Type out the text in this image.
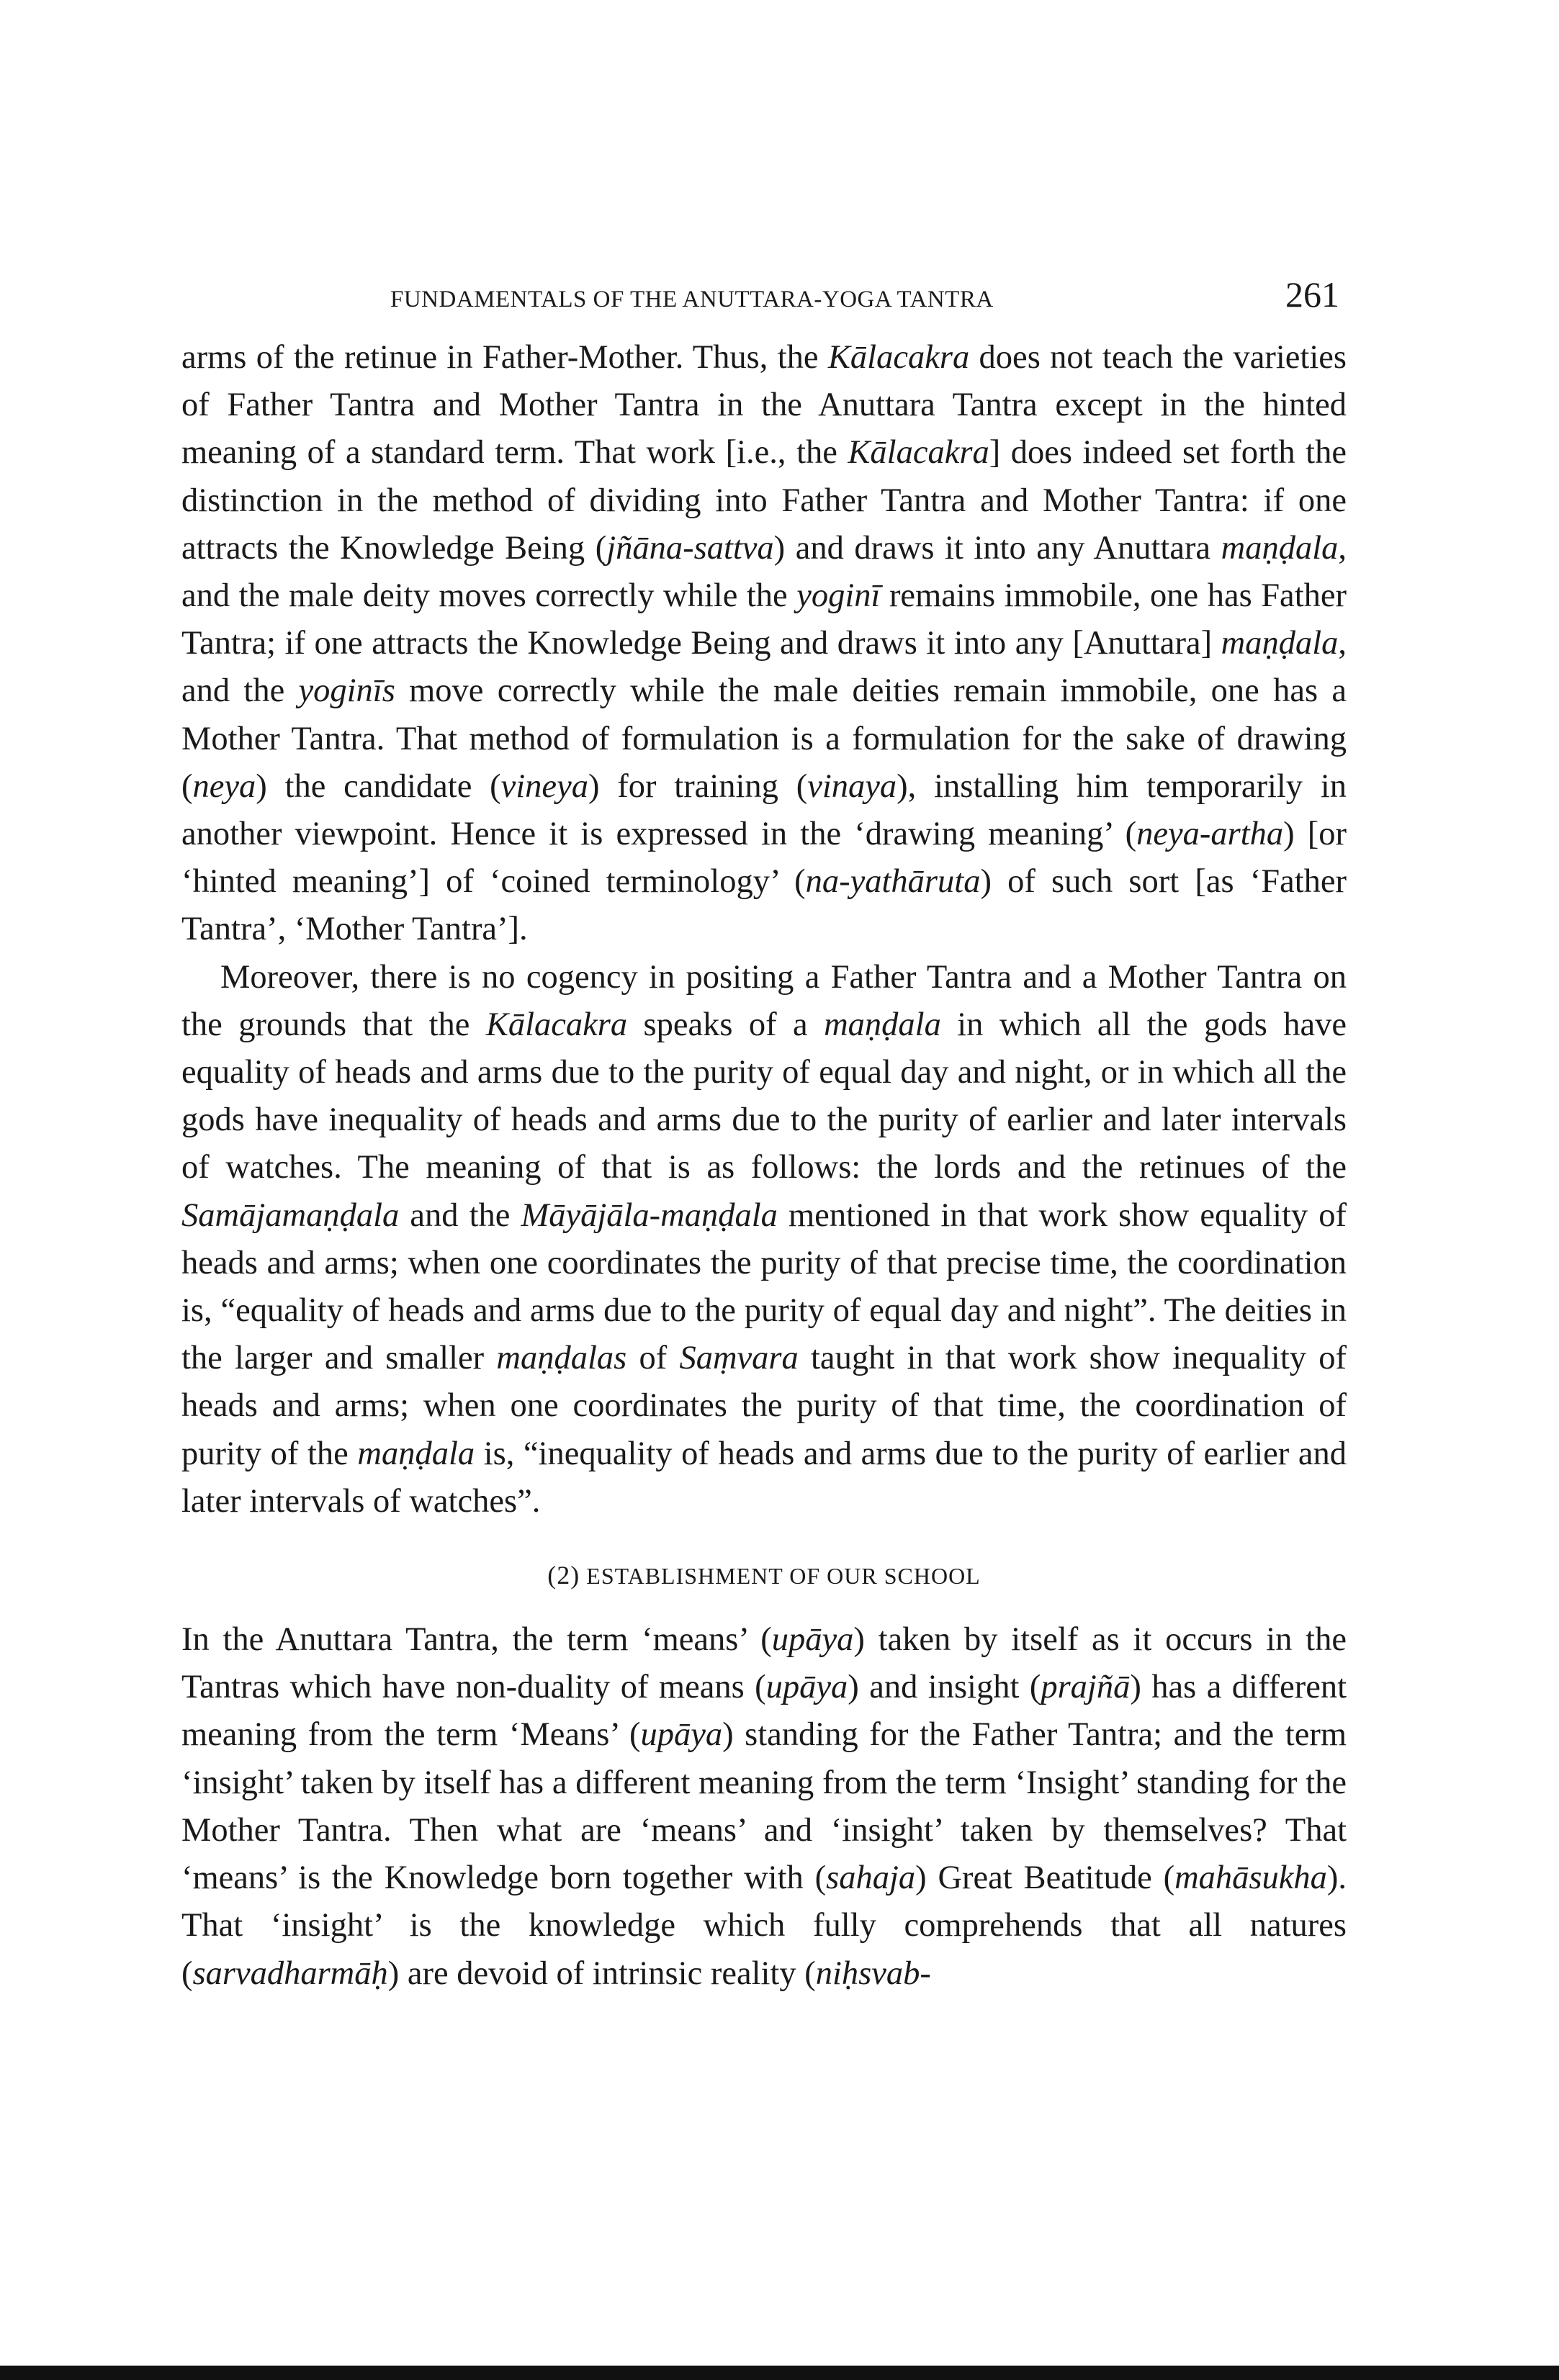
FUNDAMENTALS OF THE ANUTTARA-YOGA TANTRA	261

arms of the retinue in Father-Mother. Thus, the Kālacakra does not teach the varieties of Father Tantra and Mother Tantra in the Anuttara Tantra except in the hinted meaning of a standard term. That work [i.e., the Kālacakra] does indeed set forth the distinction in the method of dividing into Father Tantra and Mother Tantra: if one attracts the Knowledge Being (jñāna-sattva) and draws it into any Anuttara maṇḍala, and the male deity moves correctly while the yoginī remains immobile, one has Father Tantra; if one attracts the Knowledge Being and draws it into any [Anuttara] maṇḍala, and the yoginīs move correctly while the male deities remain immobile, one has a Mother Tantra. That method of formulation is a formulation for the sake of drawing (neya) the candidate (vineya) for training (vinaya), installing him temporarily in another viewpoint. Hence it is expressed in the ‘drawing meaning’ (neya-artha) [or ‘hinted meaning’] of ‘coined terminology’ (na-yathāruta) of such sort [as ‘Father Tantra’, ‘Mother Tantra’].

Moreover, there is no cogency in positing a Father Tantra and a Mother Tantra on the grounds that the Kālacakra speaks of a maṇḍala in which all the gods have equality of heads and arms due to the purity of equal day and night, or in which all the gods have inequality of heads and arms due to the purity of earlier and later intervals of watches. The meaning of that is as follows: the lords and the retinues of the Samājamaṇḍala and the Māyājāla-maṇḍala mentioned in that work show equality of heads and arms; when one coordinates the purity of that precise time, the coordination is, “equality of heads and arms due to the purity of equal day and night”. The deities in the larger and smaller maṇḍalas of Saṃvara taught in that work show inequality of heads and arms; when one coordinates the purity of that time, the coordination of purity of the maṇḍala is, “inequality of heads and arms due to the purity of earlier and later intervals of watches”.

(2) ESTABLISHMENT OF OUR SCHOOL

In the Anuttara Tantra, the term ‘means’ (upāya) taken by itself as it occurs in the Tantras which have non-duality of means (upāya) and insight (prajñā) has a different meaning from the term ‘Means’ (upāya) standing for the Father Tantra; and the term ‘insight’ taken by itself has a different meaning from the term ‘Insight’ standing for the Mother Tantra. Then what are ‘means’ and ‘insight’ taken by themselves? That ‘means’ is the Knowledge born together with (sahaja) Great Beatitude (mahāsukha). That ‘insight’ is the knowledge which fully comprehends that all natures (sarvadharmāḥ) are devoid of intrinsic reality (niḥsvab-
